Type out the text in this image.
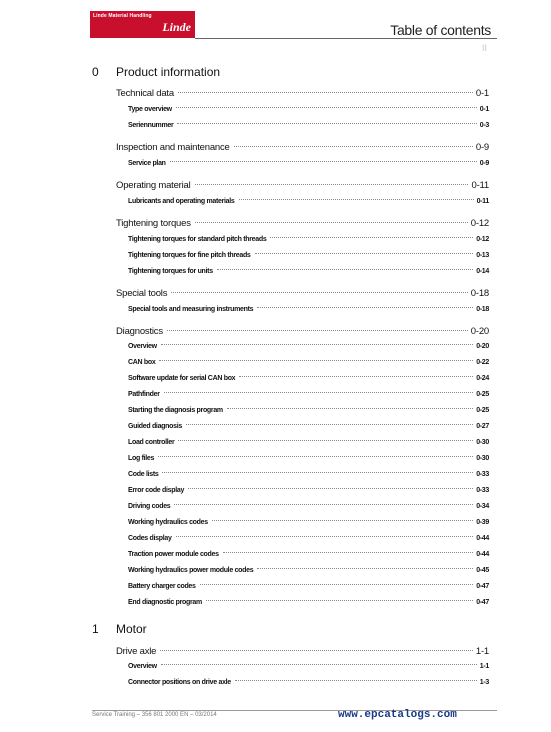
Linde Material Handling
Linde	Table of contents
II
0	Product information
Technical data	0-1
Type overview	0-1
Seriennummer	0-3
Inspection and maintenance	0-9
Service plan	0-9
Operating material	0-11
Lubricants and operating materials	0-11
Tightening torques	0-12
Tightening torques for standard pitch threads	0-12
Tightening torques for fine pitch threads	0-13
Tightening torques for units	0-14
Special tools	0-18
Special tools and measuring instruments	0-18
Diagnostics	0-20
Overview	0-20
CAN box	0-22
Software update for serial CAN box	0-24
Pathfinder	0-25
Starting the diagnosis program	0-25
Guided diagnosis	0-27
Load controller	0-30
Log files	0-30
Code lists	0-33
Error code display	0-33
Driving codes	0-34
Working hydraulics codes	0-39
Codes display	0-44
Traction power module codes	0-44
Working hydraulics power module codes	0-45
Battery charger codes	0-47
End diagnostic program	0-47
1	Motor
Drive axle	1-1
Overview	1-1
Connector positions on drive axle	1-3
Service Training – 356 801 2000 EN – 03/2014	www.epcatalogs.com
